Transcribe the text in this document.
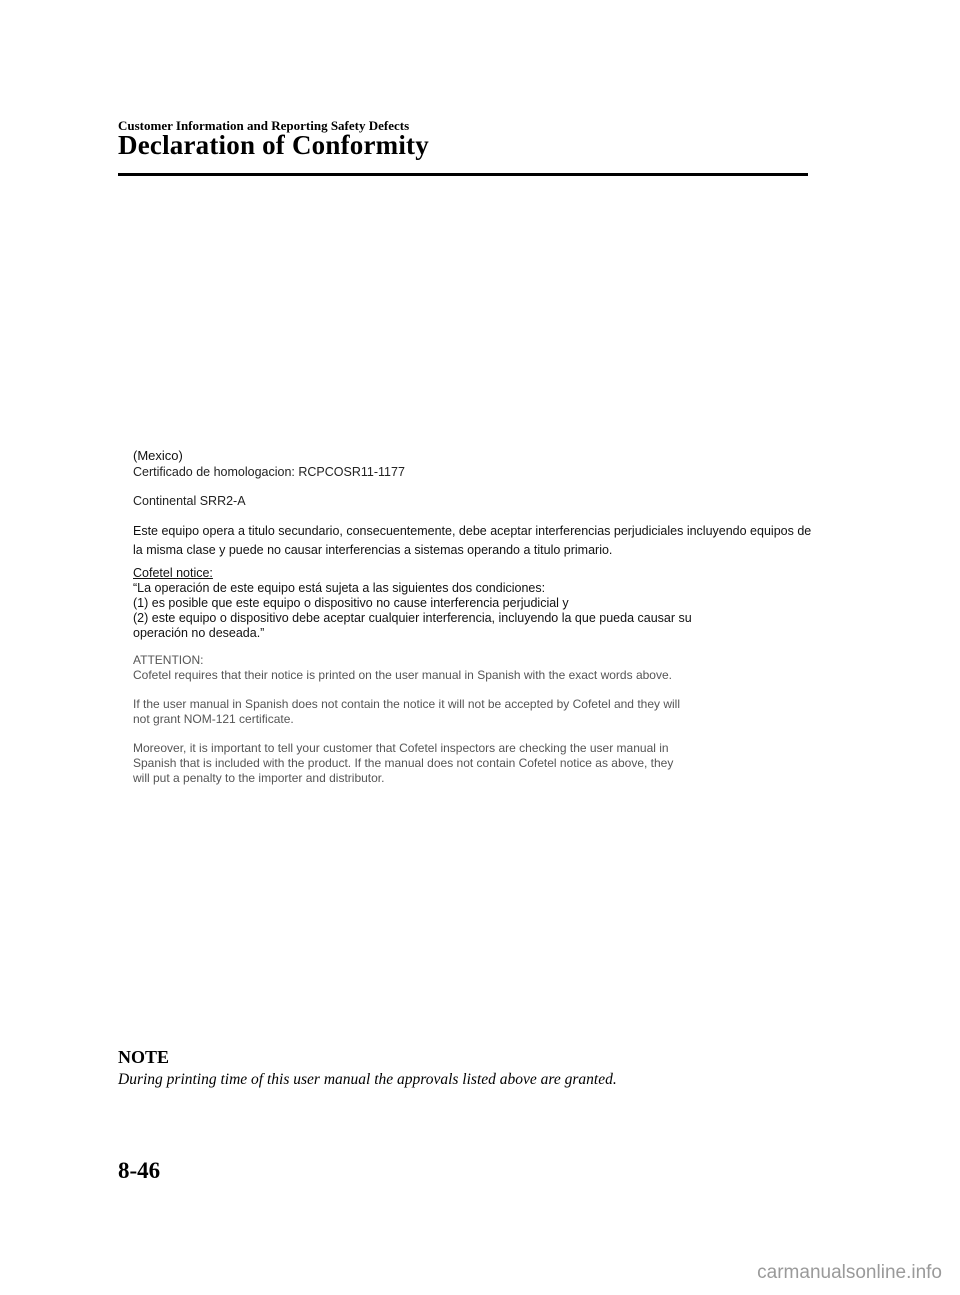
Customer Information and Reporting Safety Defects

Declaration of Conformity

(Mexico)

Certificado de homologacion: RCPCOSR11-1177

Continental SRR2-A

Este equipo opera a titulo secundario, consecuentemente, debe aceptar interferencias perjudiciales incluyendo equipos de la misma clase y puede no causar interferencias a sistemas operando a titulo primario.

Cofetel notice:

“La operación de este equipo está sujeta a las siguientes dos condiciones:

(1) es posible que este equipo o dispositivo no cause interferencia perjudicial y

(2) este equipo o dispositivo debe aceptar cualquier interferencia, incluyendo la que pueda causar su

operación no deseada.”

ATTENTION:

Cofetel requires that their notice is printed on the user manual in Spanish with the exact words above.

If the user manual in Spanish does not contain the notice it will not be accepted by Cofetel and they will

not grant NOM-121 certificate.

Moreover, it is important to tell your customer that Cofetel inspectors are checking the user manual in

Spanish that is included with the product. If the manual does not contain Cofetel notice as above, they

will put a penalty to the importer and distributor.

NOTE

During printing time of this user manual the approvals listed above are granted.

8-46

carmanualsonline.info
